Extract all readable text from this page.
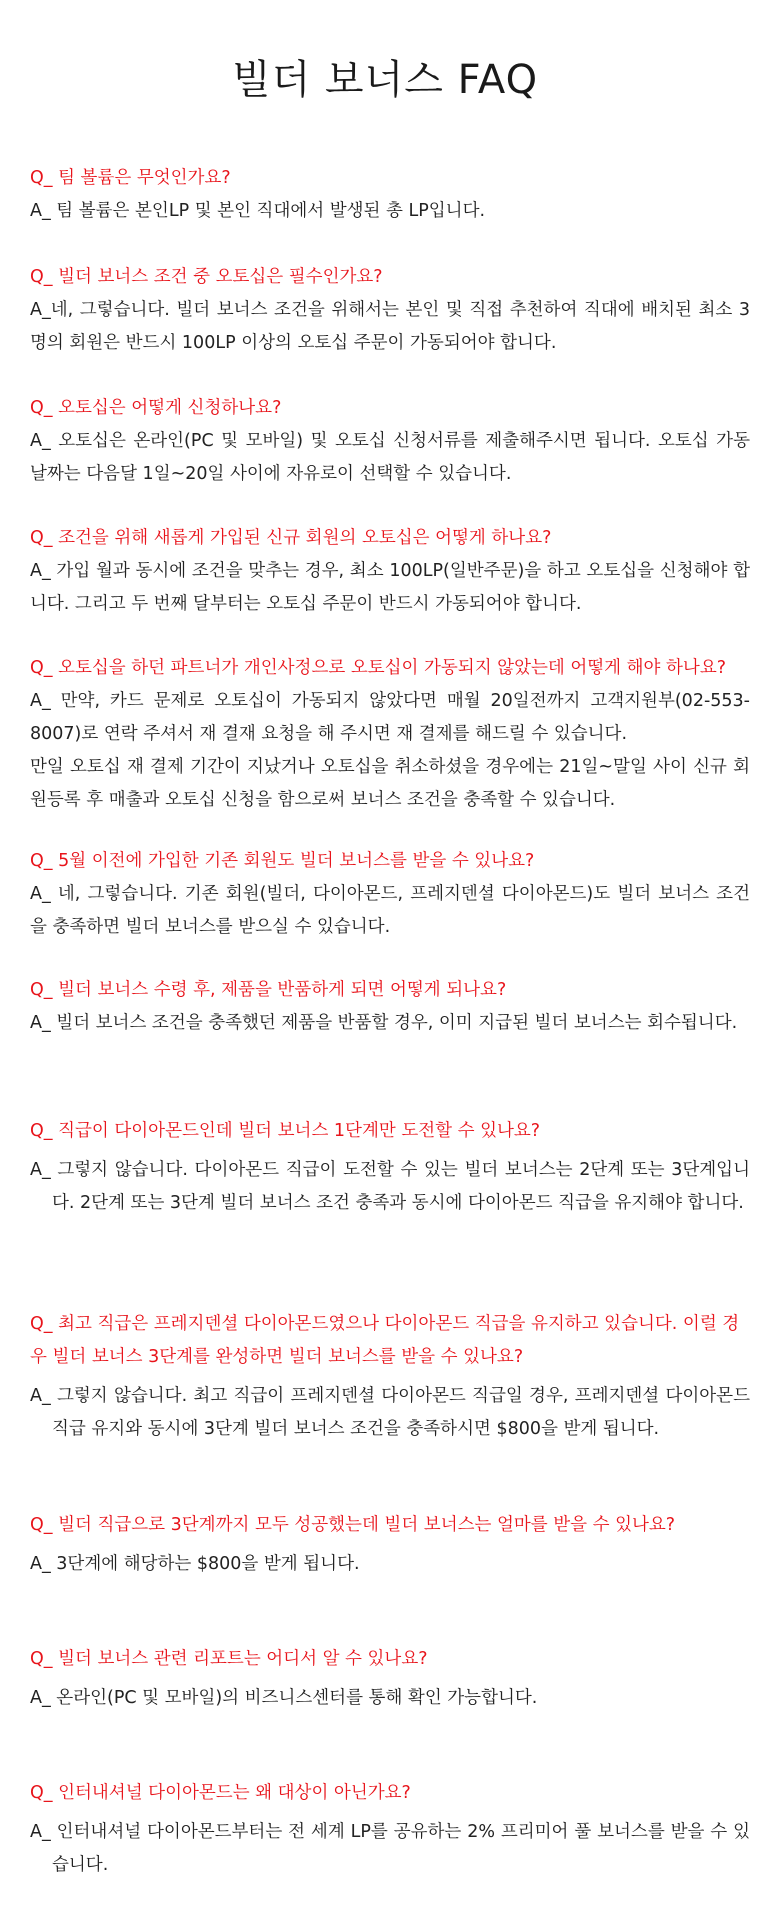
빌더 보너스 FAQ

Q_ 팀 볼륨은 무엇인가요?

A_ 팀 볼륨은 본인LP 및 본인 직대에서 발생된 총 LP입니다.

Q_ 빌더 보너스 조건 중 오토십은 필수인가요?

A_네, 그렇습니다. 빌더 보너스 조건을 위해서는 본인 및 직접 추천하여 직대에 배치된 최소 3명의 회원은 반드시 100LP 이상의 오토십 주문이 가동되어야 합니다.

Q_ 오토십은 어떻게 신청하나요?

A_ 오토십은 온라인(PC 및 모바일) 및 오토십 신청서류를 제출해주시면 됩니다. 오토십 가동 날짜는 다음달 1일~20일 사이에 자유로이 선택할 수 있습니다.

Q_ 조건을 위해 새롭게 가입된 신규 회원의 오토십은 어떻게 하나요?

A_ 가입 월과 동시에 조건을 맞추는 경우, 최소 100LP(일반주문)을 하고 오토십을 신청해야 합니다. 그리고 두 번째 달부터는 오토십 주문이 반드시 가동되어야 합니다.

Q_ 오토십을 하던 파트너가 개인사정으로 오토십이 가동되지 않았는데 어떻게 해야 하나요?

A_ 만약, 카드 문제로 오토십이 가동되지 않았다면 매월 20일전까지 고객지원부(02-553-8007)로 연락 주셔서 재 결재 요청을 해 주시면 재 결제를 해드릴 수 있습니다.

만일 오토십 재 결제 기간이 지났거나 오토십을 취소하셨을 경우에는 21일~말일 사이 신규 회원등록 후 매출과 오토십 신청을 함으로써 보너스 조건을 충족할 수 있습니다.

Q_ 5월 이전에 가입한 기존 회원도 빌더 보너스를 받을 수 있나요?

A_ 네, 그렇습니다. 기존 회원(빌더, 다이아몬드, 프레지덴셜 다이아몬드)도 빌더 보너스 조건을 충족하면 빌더 보너스를 받으실 수 있습니다.

Q_ 빌더 보너스 수령 후, 제품을 반품하게 되면 어떻게 되나요?

A_ 빌더 보너스 조건을 충족했던 제품을 반품할 경우, 이미 지급된 빌더 보너스는 회수됩니다.

Q_ 직급이 다이아몬드인데 빌더 보너스 1단계만 도전할 수 있나요?

A_ 그렇지 않습니다. 다이아몬드 직급이 도전할 수 있는 빌더 보너스는 2단계 또는 3단계입니다. 2단계 또는 3단계 빌더 보너스 조건 충족과 동시에 다이아몬드 직급을 유지해야 합니다.

Q_ 최고 직급은 프레지덴셜 다이아몬드였으나 다이아몬드 직급을 유지하고 있습니다. 이럴 경우 빌더 보너스 3단계를 완성하면 빌더 보너스를 받을 수 있나요?

A_ 그렇지 않습니다. 최고 직급이 프레지덴셜 다이아몬드 직급일 경우, 프레지덴셜 다이아몬드 직급 유지와 동시에 3단계 빌더 보너스 조건을 충족하시면 $800을 받게 됩니다.

Q_ 빌더 직급으로 3단계까지 모두 성공했는데 빌더 보너스는 얼마를 받을 수 있나요?

A_ 3단계에 해당하는 $800을 받게 됩니다.

Q_ 빌더 보너스 관련 리포트는 어디서 알 수 있나요?

A_ 온라인(PC 및 모바일)의 비즈니스센터를 통해 확인 가능합니다.

Q_ 인터내셔널 다이아몬드는 왜 대상이 아닌가요?

A_ 인터내셔널 다이아몬드부터는 전 세계 LP를 공유하는 2% 프리미어 풀 보너스를 받을 수 있습니다.
